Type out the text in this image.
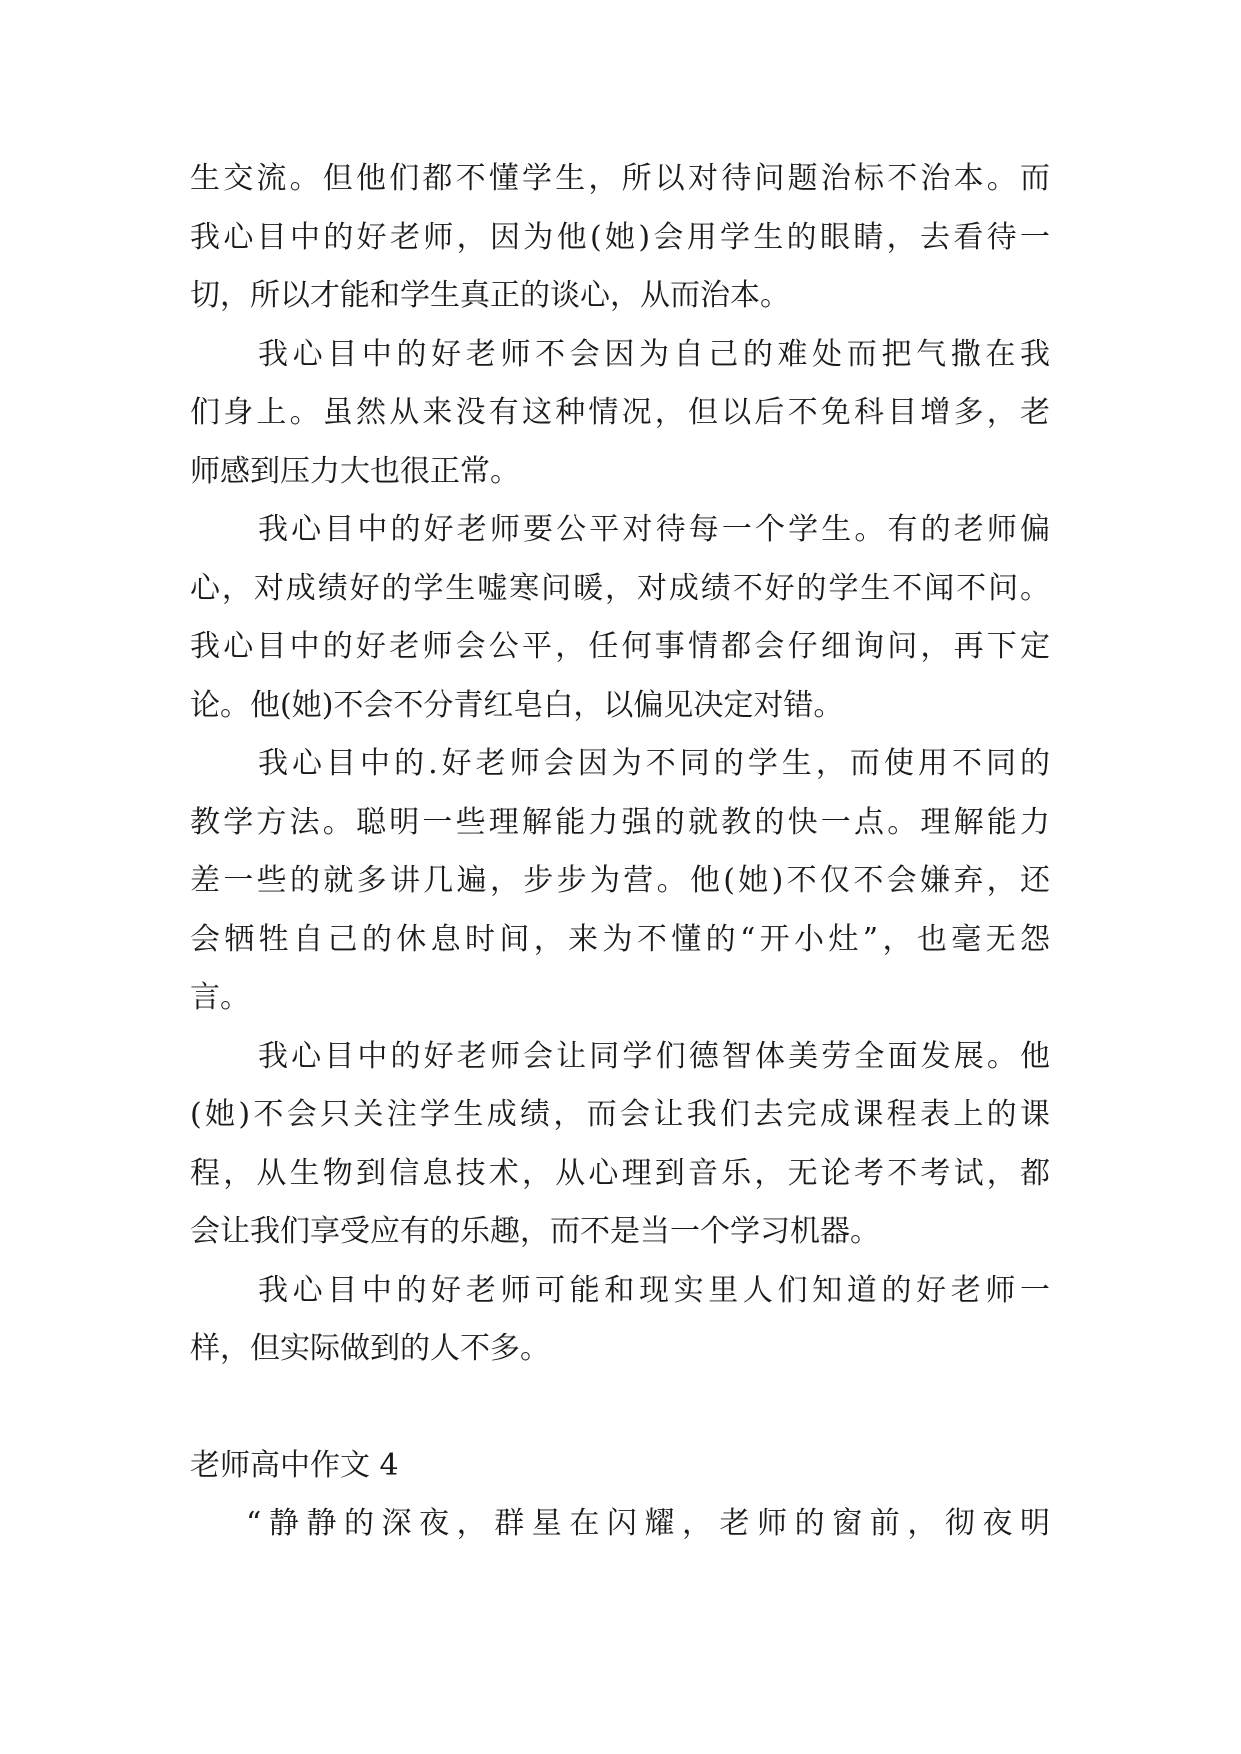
生交流。但他们都不懂学生，所以对待问题治标不治本。而
我心目中的好老师，因为他(她)会用学生的眼睛，去看待一
切，所以才能和学生真正的谈心，从而治本。
我心目中的好老师不会因为自己的难处而把气撒在我
们身上。虽然从来没有这种情况，但以后不免科目增多，老
师感到压力大也很正常。
我心目中的好老师要公平对待每一个学生。有的老师偏
心，对成绩好的学生嘘寒问暖，对成绩不好的学生不闻不问。
我心目中的好老师会公平，任何事情都会仔细询问，再下定
论。他(她)不会不分青红皂白，以偏见决定对错。
我心目中的.好老师会因为不同的学生，而使用不同的
教学方法。聪明一些理解能力强的就教的快一点。理解能力
差一些的就多讲几遍，步步为营。他(她)不仅不会嫌弃，还
会牺牲自己的休息时间，来为不懂的“开小灶”，也毫无怨
言。
我心目中的好老师会让同学们德智体美劳全面发展。他
(她)不会只关注学生成绩，而会让我们去完成课程表上的课
程，从生物到信息技术，从心理到音乐，无论考不考试，都
会让我们享受应有的乐趣，而不是当一个学习机器。
我心目中的好老师可能和现实里人们知道的好老师一
样，但实际做到的人不多。
老师高中作文 4
“静静的深夜，群星在闪耀，老师的窗前，彻夜明
